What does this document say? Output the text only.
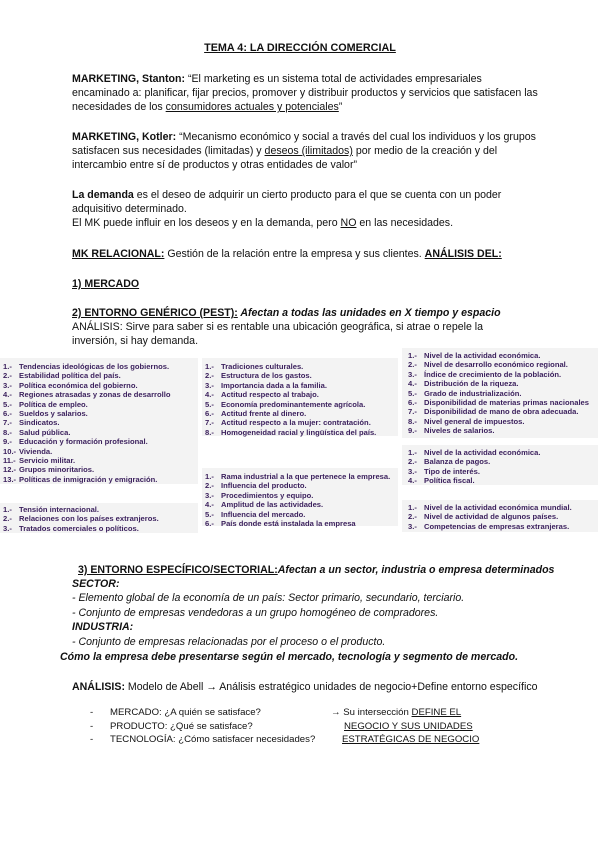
TEMA 4: LA DIRECCIÓN COMERCIAL

MARKETING, Stanton: “El marketing es un sistema total de actividades empresariales encaminado a: planificar, fijar precios, promover y distribuir productos y servicios que satisfacen las necesidades de los consumidores actuales y potenciales”

MARKETING, Kotler: “Mecanismo económico y social a través del cual los individuos y los grupos satisfacen sus necesidades (limitadas) y deseos (ilimitados) por medio de la creación y del intercambio entre sí de productos y otras entidades de valor”

La demanda es el deseo de adquirir un cierto producto para el que se cuenta con un poder adquisitivo determinado.
El MK puede influir en los deseos y en la demanda, pero NO en las necesidades.

MK RELACIONAL: Gestión de la relación entre la empresa y sus clientes. ANÁLISIS DEL:

1) MERCADO

2) ENTORNO GENÉRICO (PEST): Afectan a todas las unidades en X tiempo y espacio

ANÁLISIS: Sirve para saber si es rentable una ubicación geográfica, si atrae o repele la inversión, si hay demanda.

1.- Tendencias ideológicas de los gobiernos.
2.- Estabilidad política del país.
3.- Política económica del gobierno.
4.- Regiones atrasadas y zonas de desarrollo
5.- Política de empleo.
6.- Sueldos y salarios.
7.- Sindicatos.
8.- Salud pública.
9.- Educación y formación profesional.
10.- Vivienda.
11.- Servicio militar.
12.- Grupos minoritarios.
13.- Políticas de inmigración y emigración.
1.- Tensión internacional.
2.- Relaciones con los países extranjeros.
3.- Tratados comerciales o políticos.
1.- Tradiciones culturales.
2.- Estructura de los gastos.
3.- Importancia dada a la familia.
4.- Actitud respecto al trabajo.
5.- Economía predominantemente agrícola.
6.- Actitud frente al dinero.
7.- Actitud respecto a la mujer: contratación.
8.- Homogeneidad racial y lingüística del país.
1.- Rama industrial a la que pertenece la empresa.
2.- Influencia del producto.
3.- Procedimientos y equipo.
4.- Amplitud de las actividades.
5.- Influencia del mercado.
6.- País donde está instalada la empresa
1.- Nivel de la actividad económica.
2.- Nivel de desarrollo económico regional.
3.- Índice de crecimiento de la población.
4.- Distribución de la riqueza.
5.- Grado de industrialización.
6.- Disponibilidad de materias primas nacionales
7.- Disponibilidad de mano de obra adecuada.
8.- Nivel general de impuestos.
9.- Niveles de salarios.
1.- Nivel de la actividad económica.
2.- Balanza de pagos.
3.- Tipo de interés.
4.- Política fiscal.
1.- Nivel de la actividad económica mundial.
2.- Nivel de actividad de algunos países.
3.- Competencias de empresas extranjeras.

3) ENTORNO ESPECÍFICO/SECTORIAL:Afectan a un sector, industria o empresa determinados

SECTOR:

- Elemento global de la economía de un país: Sector primario, secundario, terciario.

- Conjunto de empresas vendedoras a un grupo homogéneo de compradores.

INDUSTRIA:

- Conjunto de empresas relacionadas por el proceso o el producto.

Cómo la empresa debe presentarse según el mercado, tecnología y segmento de mercado.

ANÁLISIS: Modelo de Abell → Análisis estratégico unidades de negocio+Define entorno específico

- MERCADO: ¿A quién se satisface?	→ Su intersección DEFINE EL
- PRODUCTO: ¿Qué se satisface?	NEGOCIO Y SUS UNIDADES
- TECNOLOGÍA: ¿Cómo satisfacer necesidades?	ESTRATÉGICAS DE NEGOCIO
